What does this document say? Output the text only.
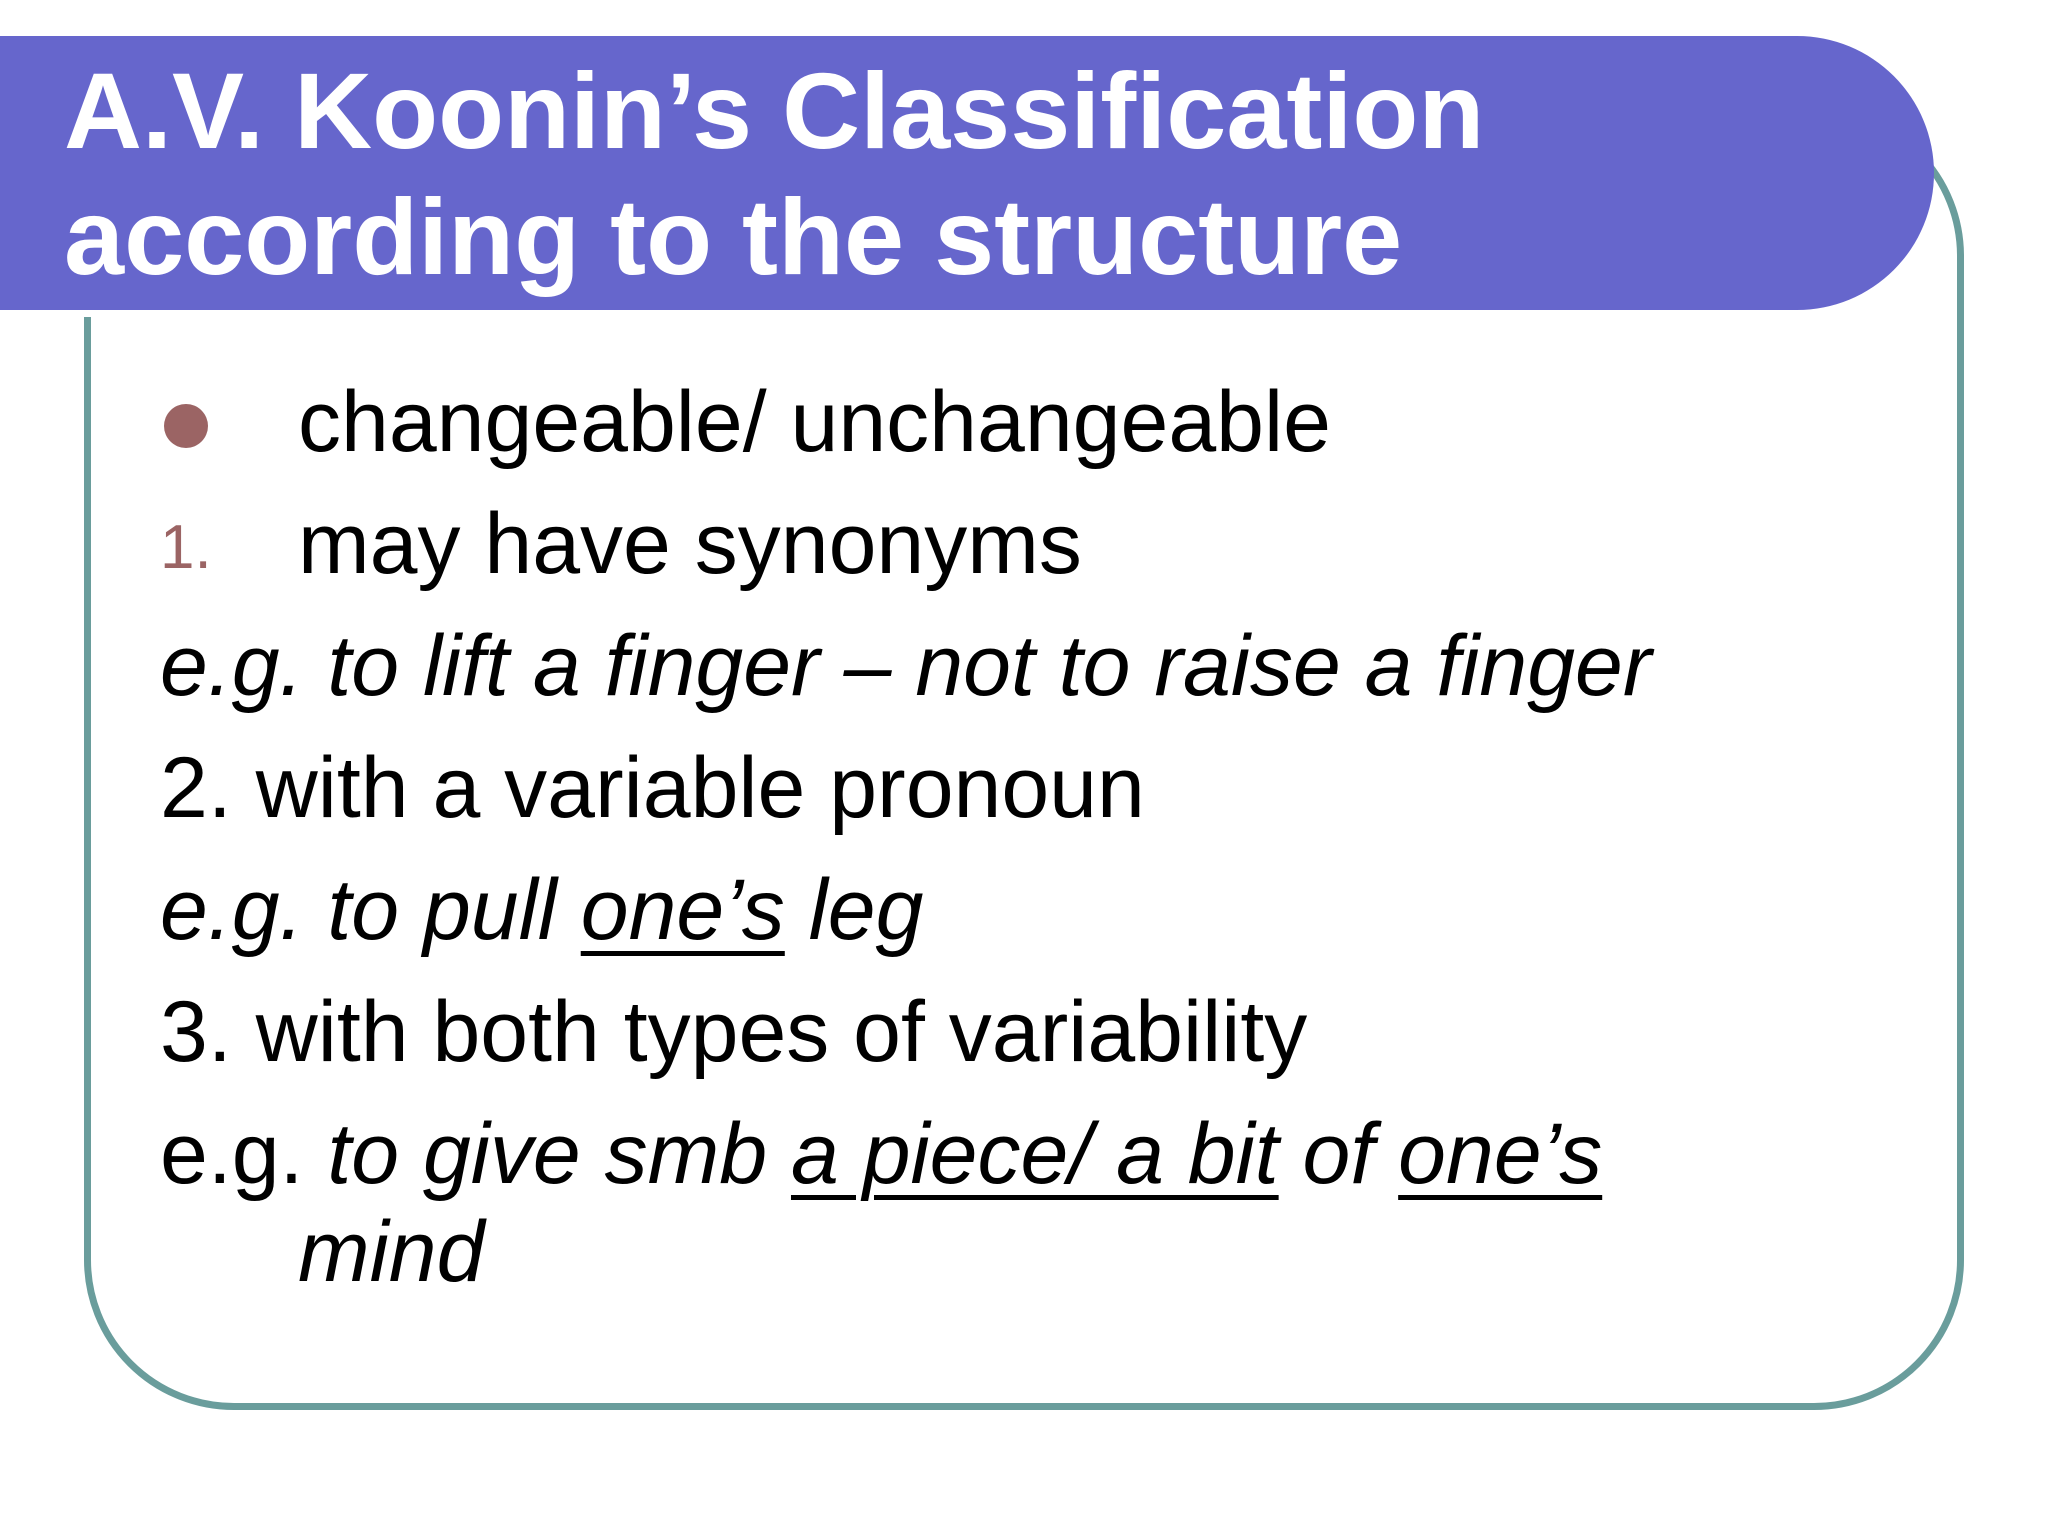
A.V. Koonin’s Classification according to the structure
changeable/ unchangeable
1. may have synonyms
e.g. to lift a finger – not to raise a finger
2. with a variable pronoun
e.g. to pull one’s leg
3. with both types of variability
e.g. to give smb a piece/ a bit of one’s
mind
